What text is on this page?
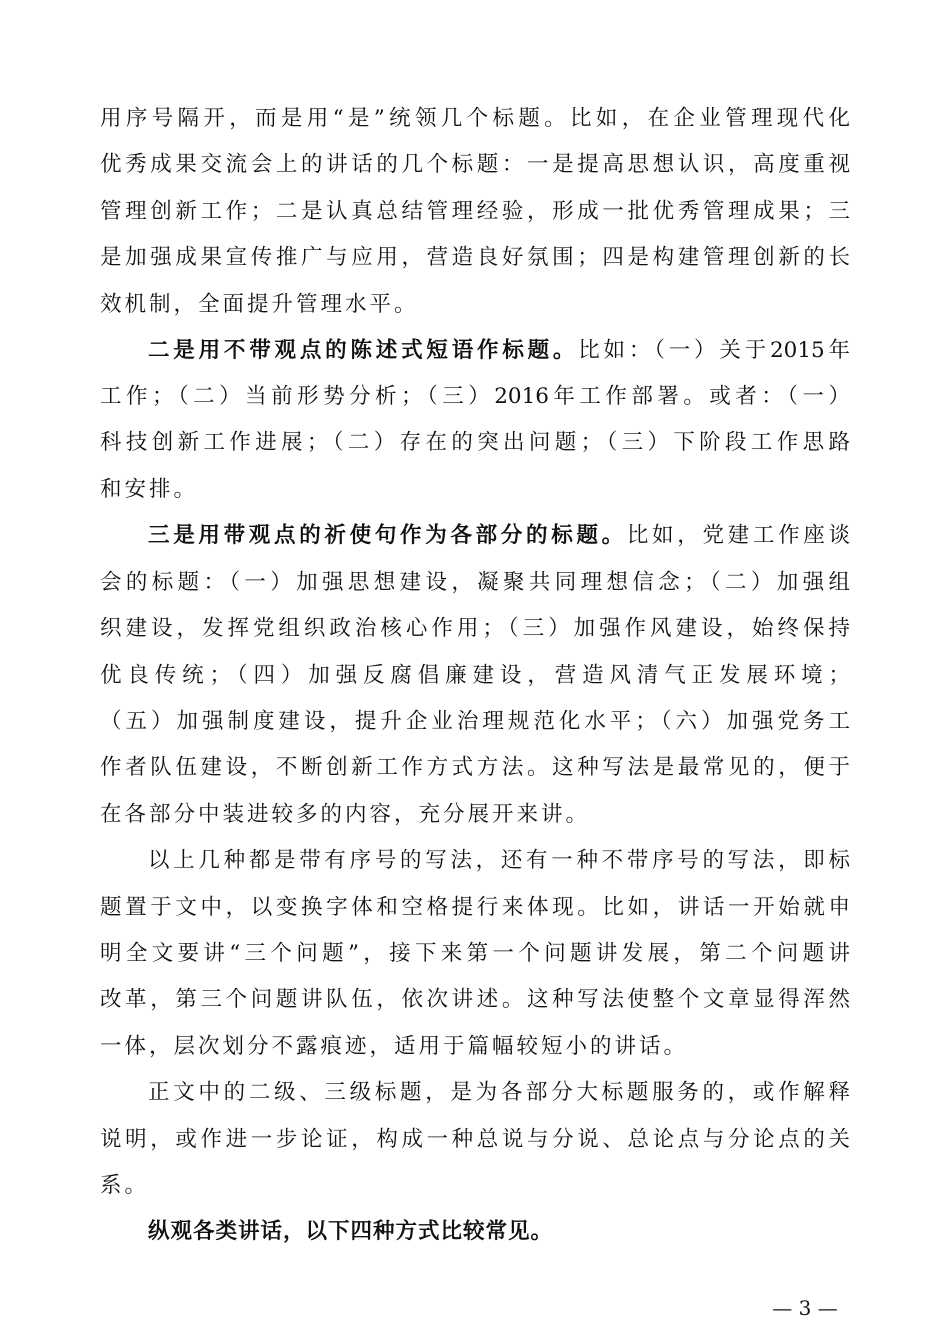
用序号隔开，而是用“是”统领几个标题。比如，在企业管理现代化
优秀成果交流会上的讲话的几个标题：一是提高思想认识，高度重视
管理创新工作；二是认真总结管理经验，形成一批优秀管理成果；三
是加强成果宣传推广与应用，营造良好氛围；四是构建管理创新的长
效机制，全面提升管理水平。
二是用不带观点的陈述式短语作标题。比如：（一）关于2015年
工作；（二）当前形势分析；（三）2016年工作部署。或者：（一）
科技创新工作进展；（二）存在的突出问题；（三）下阶段工作思路
和安排。
三是用带观点的祈使句作为各部分的标题。比如，党建工作座谈
会的标题：（一）加强思想建设，凝聚共同理想信念；（二）加强组
织建设，发挥党组织政治核心作用；（三）加强作风建设，始终保持
优良传统；（四）加强反腐倡廉建设，营造风清气正发展环境；
（五）加强制度建设，提升企业治理规范化水平；（六）加强党务工
作者队伍建设，不断创新工作方式方法。这种写法是最常见的，便于
在各部分中装进较多的内容，充分展开来讲。
以上几种都是带有序号的写法，还有一种不带序号的写法，即标
题置于文中，以变换字体和空格提行来体现。比如，讲话一开始就申
明全文要讲“三个问题”，接下来第一个问题讲发展，第二个问题讲
改革，第三个问题讲队伍，依次讲述。这种写法使整个文章显得浑然
一体，层次划分不露痕迹，适用于篇幅较短小的讲话。
正文中的二级、三级标题，是为各部分大标题服务的，或作解释
说明，或作进一步论证，构成一种总说与分说、总论点与分论点的关
系。
纵观各类讲话，以下四种方式比较常见。
— 3 —
